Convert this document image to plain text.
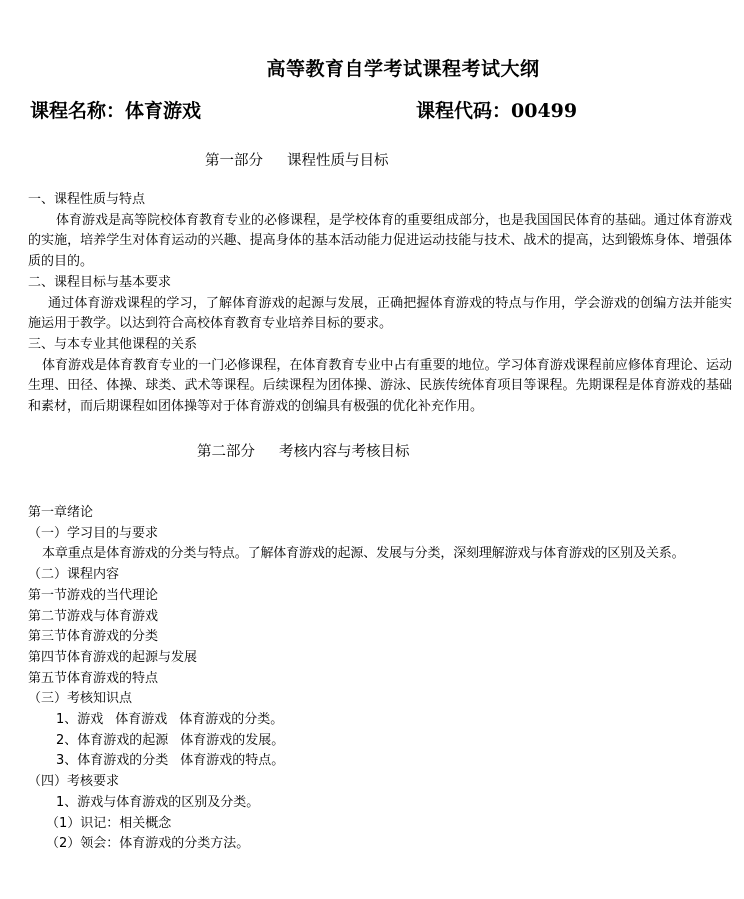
高等教育自学考试课程考试大纲
课程名称：体育游戏	课程代码：00499
第一部分 课程性质与目标
一、课程性质与特点
体育游戏是高等院校体育教育专业的必修课程，是学校体育的重要组成部分，也是我国国民体育的基础。通过体育游戏的实施，培养学生对体育运动的兴趣、提高身体的基本活动能力促进运动技能与技术、战术的提高，达到锻炼身体、增强体质的目的。
二、课程目标与基本要求
通过体育游戏课程的学习，了解体育游戏的起源与发展，正确把握体育游戏的特点与作用，学会游戏的创编方法并能实施运用于教学。以达到符合高校体育教育专业培养目标的要求。
三、与本专业其他课程的关系
体育游戏是体育教育专业的一门必修课程，在体育教育专业中占有重要的地位。学习体育游戏课程前应修体育理论、运动生理、田径、体操、球类、武术等课程。后续课程为团体操、游泳、民族传统体育项目等课程。先期课程是体育游戏的基础和素材，而后期课程如团体操等对于体育游戏的创编具有极强的优化补充作用。
第二部分 考核内容与考核目标
第一章绪论
（一）学习目的与要求
本章重点是体育游戏的分类与特点。了解体育游戏的起源、发展与分类，深刻理解游戏与体育游戏的区别及关系。
（二）课程内容
第一节游戏的当代理论
第二节游戏与体育游戏
第三节体育游戏的分类
第四节体育游戏的起源与发展
第五节体育游戏的特点
（三）考核知识点
1、游戏 体育游戏 体育游戏的分类。
2、体育游戏的起源 体育游戏的发展。
3、体育游戏的分类 体育游戏的特点。
（四）考核要求
1、游戏与体育游戏的区别及分类。
（1）识记：相关概念
（2）领会：体育游戏的分类方法。
